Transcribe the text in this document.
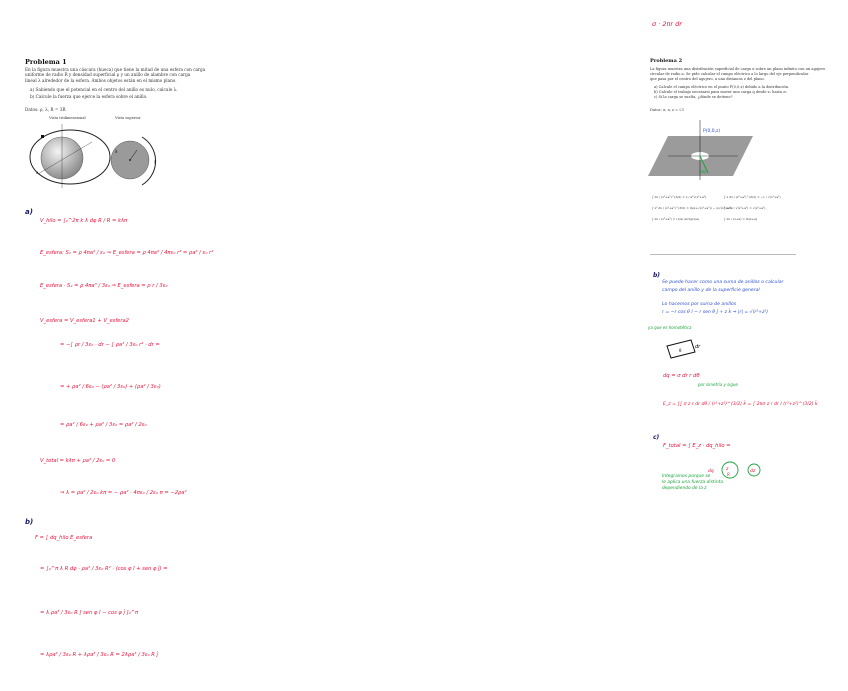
σ · 2πr dr
Problema 1
En la figura muestra una cáscara (hueca) que tiene la mitad de una esfera con carga
uniforme de radio R y densidad superficial ρ y un anillo de alambre con carga
lineal λ alrededor de la esfera. Ambos objetos están en el mismo plano.
a) Sabiendo que el potencial en el centro del anillo es nulo, calcule λ.
b) Calcule la fuerza que ejerce la esfera sobre el anillo.
Datos: ρ, λ, R = 3R
Vista tridimensional	Vista superior
x
λ
y
a)
V_hilo = ∫₀^2π k λ dφ R / R = kλπ
E_esfera: S₁ = ρ 4πa² / ε₀ ⇒ E_esfera = ρ 4πa² / 4πε₀ r² = ρa² / ε₀ r²
E_esfera · S₂ = ρ 4πa³ / 3ε₀ ⇒ E_esfera = ρ r / 3ε₀
V_esfera = V_esfera1 + V_esfera2
= −∫ ρr / 3ε₀ · dr − ∫ ρa³ / 3ε₀ r² · dr =
= + ρa² / 6ε₀ − (ρa² / 3ε₀) + (ρa² / 3ε₀)
= ρa² / 6ε₀ + ρa² / 3ε₀ = ρa² / 2ε₀
V_total = kλπ + ρa² / 2ε₀ = 0
⇒ λ = ρa² / 2ε₀ kπ = − ρa² · 4πε₀ / 2ε₀ π = −2ρa²
b)
F = ∫ dq_hilo E_esfera
= ∫₀^π λ R dφ · ρa³ / 3ε₀ R² · (cos φ î + sen φ ĵ) =
= λ ρa³ / 3ε₀ R [ sen φ î − cos φ ĵ ]₀^π
= λρa³ / 3ε₀ R + λρa³ / 3ε₀ R = 2λρa³ / 3ε₀ R ĵ
Problema 2
La figura muestra una distribución superficial de carga σ sobre un plano infinito con un agujero
circular de radio a. Se pide calcular el campo eléctrico a lo largo del eje perpendicular
que pasa por el centro del agujero, a una distancia z del plano.
a) Calcule el campo eléctrico en el punto P(0,0,z) debido a la distribución.
b) Calcule el trabajo necesario para mover una carga q desde z₁ hasta z₂.
c) Si la carga se suelta, ¿dónde se detiene?
Datos: σ, a, z = √3
P(0,0,z)
dq
∫ dx / (x²+a²)^(3/2) = x / a²√(x²+a²)	∫ x dx / (x²+a²)^(3/2) = −1 / √(x²+a²)
∫ x² dx / (x²+a²)^(3/2) = ln(x+√(x²+a²)) − x/√(x²+a²)
∫ x dx / √(x²+a²) = √(x²+a²)
∫ dx / (x²+a²) = (1/a) arctg(x/a)	∫ dx / (x+a) = ln(x+a)
b)
Se puede hacer como una suma de anillos o calcular
campo del anillo y de la superficie general
Lo hacemos por suma de anillos
r = −r cos θ î − r sen θ ĵ + z k̂ ⇒ |r| = √(r²+z²)
ya que es homotética
dr
θ
dq = σ dr r dθ
por simetría y sigue
E_z = ∫∫ σ z r dr dθ / (r²+z²)^(3/2) k̂ = ∫ 2πσ z r dr / (r²+z²)^(3/2) k̂
c)
F_total = ∫ E_z · dq_hilo =
dq	z
R
dz
Integramos porque se
le aplica una fuerza distinta
dependiendo de la z
